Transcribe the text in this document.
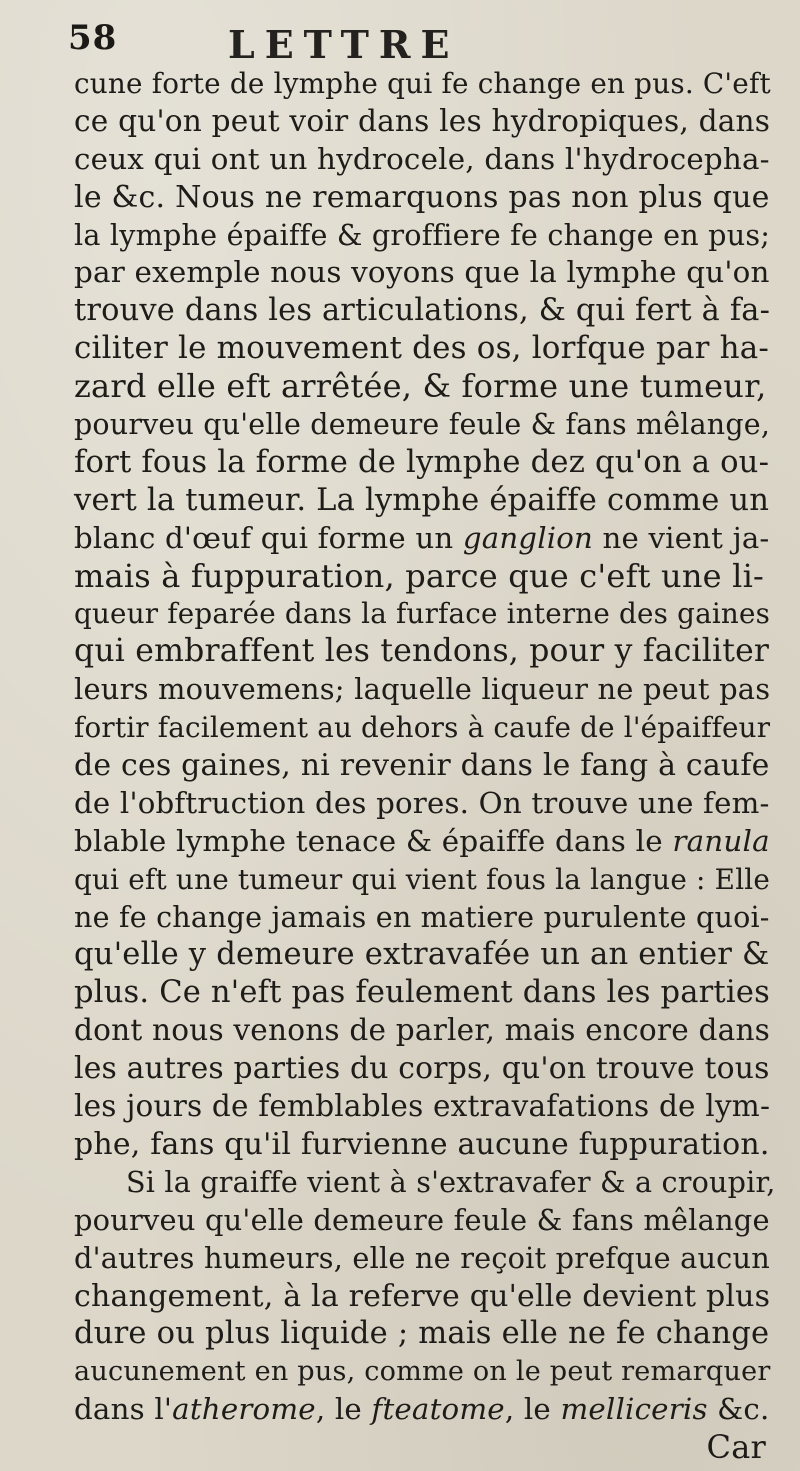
58	LETTRE
cune forte de lymphe qui fe change en pus. C'eft
ce qu'on peut voir dans les hydropiques, dans
ceux qui ont un hydrocele, dans l'hydrocepha-
le &c. Nous ne remarquons pas non plus que
la lymphe épaiffe & groffiere fe change en pus;
par exemple nous voyons que la lymphe qu'on
trouve dans les articulations, & qui fert à fa-
ciliter le mouvement des os, lorfque par ha-
zard elle eft arrêtée, & forme une tumeur,
pourveu qu'elle demeure feule & fans mêlange,
fort fous la forme de lymphe dez qu'on a ou-
vert la tumeur. La lymphe épaiffe comme un
blanc d'œuf qui forme un ganglion ne vient ja-
mais à fuppuration, parce que c'eft une li-
queur feparée dans la furface interne des gaines
qui embraffent les tendons, pour y faciliter
leurs mouvemens; laquelle liqueur ne peut pas
fortir facilement au dehors à caufe de l'épaiffeur
de ces gaines, ni revenir dans le fang à caufe
de l'obftruction des pores. On trouve une fem-
blable lymphe tenace & épaiffe dans le ranula
qui eft une tumeur qui vient fous la langue : Elle
ne fe change jamais en matiere purulente quoi-
qu'elle y demeure extravafée un an entier &
plus. Ce n'eft pas feulement dans les parties
dont nous venons de parler, mais encore dans
les autres parties du corps, qu'on trouve tous
les jours de femblables extravafations de lym-
phe, fans qu'il furvienne aucune fuppuration.
Si la graiffe vient à s'extravafer & a croupir,
pourveu qu'elle demeure feule & fans mêlange
d'autres humeurs, elle ne reçoit prefque aucun
changement, à la referve qu'elle devient plus
dure ou plus liquide ; mais elle ne fe change
aucunement en pus, comme on le peut remarquer
dans l'atherome, le fteatome, le melliceris &c.
Car
